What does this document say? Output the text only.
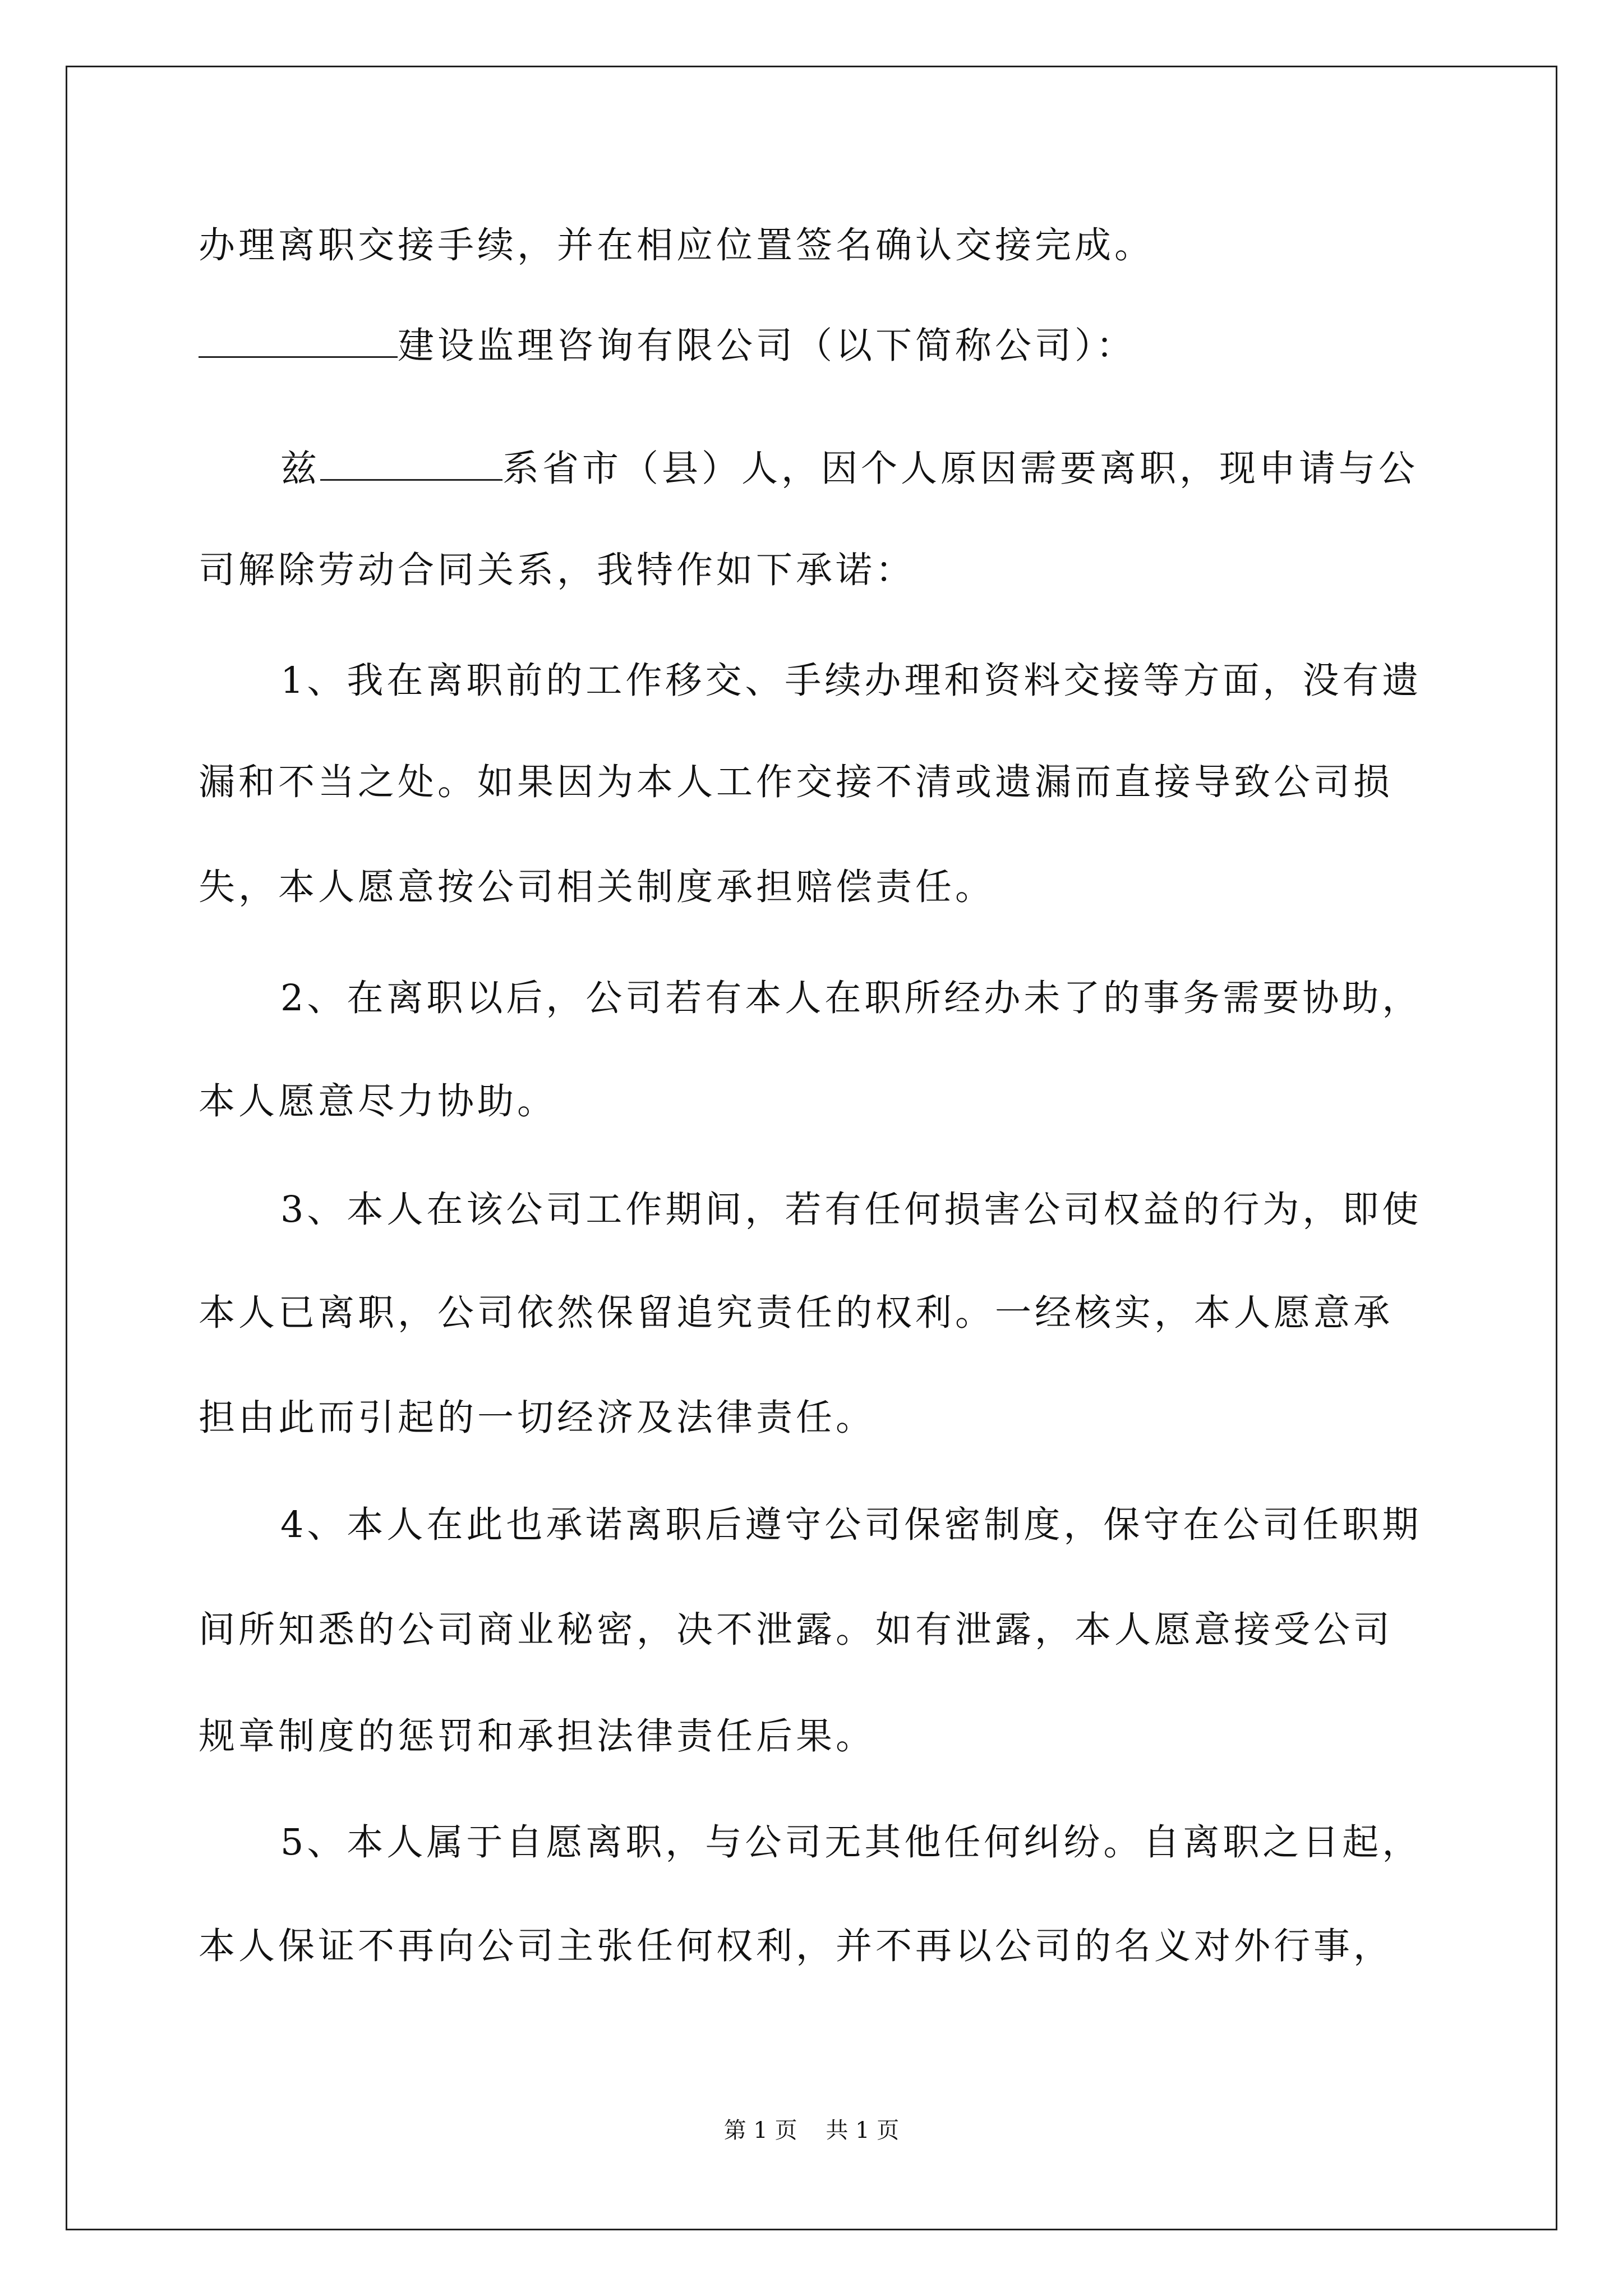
办理离职交接手续，并在相应位置签名确认交接完成。
建设监理咨询有限公司（以下简称公司）：
兹	系省市（县）人，因个人原因需要离职，现申请与公
司解除劳动合同关系，我特作如下承诺：
1、我在离职前的工作移交、手续办理和资料交接等方面，没有遗
漏和不当之处。如果因为本人工作交接不清或遗漏而直接导致公司损
失，本人愿意按公司相关制度承担赔偿责任。
2、在离职以后，公司若有本人在职所经办未了的事务需要协助，
本人愿意尽力协助。
3、本人在该公司工作期间，若有任何损害公司权益的行为，即使
本人已离职，公司依然保留追究责任的权利。一经核实，本人愿意承
担由此而引起的一切经济及法律责任。
4、本人在此也承诺离职后遵守公司保密制度，保守在公司任职期
间所知悉的公司商业秘密，决不泄露。如有泄露，本人愿意接受公司
规章制度的惩罚和承担法律责任后果。
5、本人属于自愿离职，与公司无其他任何纠纷。自离职之日起，
本人保证不再向公司主张任何权利，并不再以公司的名义对外行事，
第 1 页    共 1 页
